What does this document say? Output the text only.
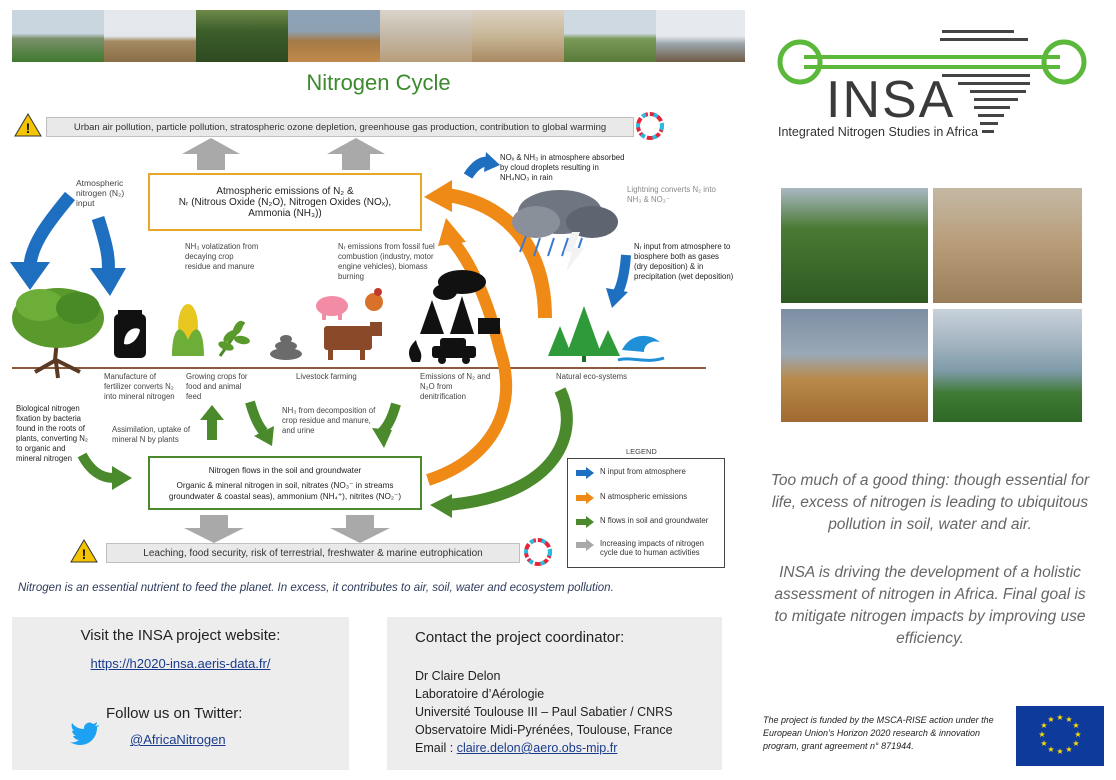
Nitrogen Cycle
!	Urban air pollution, particle pollution, stratospheric ozone depletion, greenhouse gas production, contribution to global warming
!	Leaching, food security, risk of terrestrial, freshwater & marine eutrophication
Atmospheric emissions of N₂ &
Nᵣ (Nitrous Oxide (N₂O), Nitrogen Oxides (NOₓ),
Ammonia (NH₃))
Nitrogen flows in the soil and groundwater
Organic & mineral nitrogen in soil, nitrates (NO₃⁻ in streams groundwater & coastal seas), ammonium (NH₄⁺), nitrites (NO₂⁻)
Atmospheric nitrogen (N₂) input
NOₓ & NH₃ in atmosphere absorbed by cloud droplets resulting in NH₄NO₃ in rain
Lightning converts N₂ into NH₃ & NO₃⁻
Nᵣ input from atmosphere to biosphere both as gases (dry deposition) & in precipitation (wet deposition)
NH₃ volatization from decaying crop residue and manure
Nᵣ emissions from fossil fuel combustion (industry, motor engine vehicles), biomass burning
Biological nitrogen fixation by bacteria found in the roots of plants, converting N₂ to organic and mineral nitrogen
Manufacture of fertilizer converts N₂ into mineral nitrogen
Growing crops for food and animal feed
Livestock farming	Emissions of N₂ and N₂O from denitrification
Natural eco-systems
Assimilation, uptake of mineral N by plants
NH₃ from decomposition of crop residue and manure, and urine
LEGEND
N input from atmosphere
N atmospheric emissions
N flows in soil and groundwater
Increasing impacts of nitrogen cycle due to human activities
Nitrogen is an essential nutrient to feed the planet. In excess, it contributes to air, soil, water and ecosystem pollution.
Visit the INSA project website:
https://h2020-insa.aeris-data.fr/
Follow us on Twitter:
@AfricaNitrogen
Contact the project coordinator:
Dr Claire Delon
Laboratoire d’Aérologie
Université Toulouse III – Paul Sabatier / CNRS
Observatoire Midi-Pyrénées, Toulouse, France
Email : claire.delon@aero.obs-mip.fr
INSA
Integrated Nitrogen Studies in Africa
Too much of a good thing: though essential for life, excess of nitrogen is leading to ubiquitous pollution in soil, water and air.
INSA is driving the development of a holistic assessment of nitrogen in Africa. Final goal is to mitigate nitrogen impacts by improving use efficiency.
The project is funded by the MSCA-RISE action under the European Union’s Horizon 2020 research & innovation program, grant agreement n° 871944.
★ ★
★
★
★
★
★
★
★
★
★
★
